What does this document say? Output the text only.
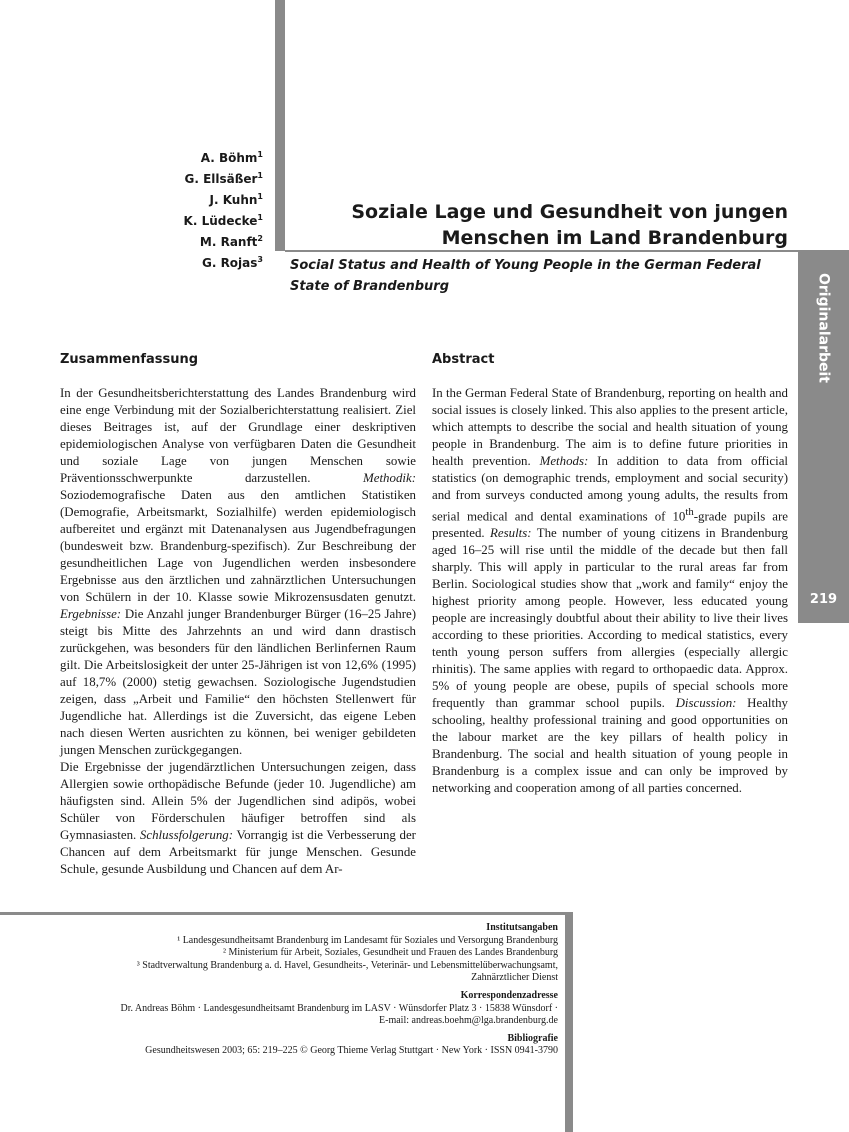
Originalarbeit
219
A. Böhm$^1$
G. Ellsäßer$^1$
J. Kuhn$^1$
K. Lüdecke$^1$
M. Ranft$^2$
G. Rojas$^3$
Soziale Lage und Gesundheit von jungen
Menschen im Land Brandenburg
Social Status and Health of Young People in the German Federal State of Brandenburg
Zusammenfassung

In der Gesundheitsberichterstattung des Landes Brandenburg wird eine enge Verbindung mit der Sozialberichterstattung realisiert. Ziel dieses Beitrages ist, auf der Grundlage einer deskriptiven epidemiologischen Analyse von verfügbaren Daten die Gesundheit und soziale Lage von jungen Menschen sowie Präventionsschwerpunkte darzustellen.	Methodik: Soziodemografische Daten aus den amtlichen Statistiken (Demografie, Arbeitsmarkt, Sozialhilfe) werden epidemiologisch aufbereitet und ergänzt mit Datenanalysen aus Jugendbefragungen (bundesweit bzw. Brandenburg-spezifisch). Zur Beschreibung der gesundheitlichen Lage von Jugendlichen werden insbesondere Ergebnisse aus den ärztlichen und zahnärztlichen Untersuchungen von Schülern in der 10. Klasse sowie Mikrozensusdaten genutzt. Ergebnisse: Die Anzahl junger Brandenburger Bürger (16–25 Jahre) steigt bis Mitte des Jahrzehnts an und wird dann drastisch zurückgehen, was besonders für den ländlichen Berlinfernen Raum gilt. Die Arbeitslosigkeit der unter 25-Jährigen ist von 12,6% (1995) auf 18,7% (2000) stetig gewachsen. Soziologische Jugendstudien zeigen, dass „Arbeit und Familie“ den höchsten Stellenwert für Jugendliche hat. Allerdings ist die Zuversicht, das eigene Leben nach diesen Werten ausrichten zu können, bei weniger gebildeten jungen Menschen zurückgegangen.

Die Ergebnisse der jugendärztlichen Untersuchungen zeigen, dass Allergien sowie orthopädische Befunde (jeder 10. Jugendliche) am häufigsten sind. Allein 5% der Jugendlichen sind adipös, wobei Schüler von Förderschulen häufiger betroffen sind als Gymnasiasten. Schlussfolgerung: Vorrangig ist die Verbesserung der Chancen auf dem Arbeitsmarkt für junge Menschen. Gesunde Schule, gesunde Ausbildung und Chancen auf dem Ar-

Abstract

In the German Federal State of Brandenburg, reporting on health and social issues is closely linked. This also applies to the present article, which attempts to describe the social and health situation of young people in Brandenburg. The aim is to define future priorities in health prevention. Methods: In addition to data from official statistics (on demographic trends, employment and social security) and from surveys conducted among young adults, the results from serial medical and dental examinations of 10th-grade pupils are presented. Results: The number of young citizens in Brandenburg aged 16–25 will rise until the middle of the decade but then fall sharply. This will apply in particular to the rural areas far from Berlin. Sociological studies show that „work and family“ enjoy the highest priority among people. However, less educated young people are increasingly doubtful about their ability to live their lives according to these priorities. According to medical statistics, every tenth young person suffers from allergies (especially allergic rhinitis). The same applies with regard to orthopaedic data. Approx. 5% of young people are obese, pupils of special schools more frequently than grammar school pupils. Discussion: Healthy schooling, healthy professional training and good opportunities on the labour market are the key pillars of health policy in Brandenburg. The social and health situation of young people in Brandenburg is a complex issue and can only be improved by networking and cooperation among of all parties concerned.

Institutsangaben
¹ Landesgesundheitsamt Brandenburg im Landesamt für Soziales und Versorgung Brandenburg
² Ministerium für Arbeit, Soziales, Gesundheit und Frauen des Landes Brandenburg
³ Stadtverwaltung Brandenburg a. d. Havel, Gesundheits-, Veterinär- und Lebensmittelüberwachungsamt,
Zahnärztlicher Dienst
Korrespondenzadresse
Dr. Andreas Böhm · Landesgesundheitsamt Brandenburg im LASV · Wünsdorfer Platz 3 · 15838 Wünsdorf ·
E-mail: andreas.boehm@lga.brandenburg.de
Bibliografie
Gesundheitswesen 2003; 65: 219–225 © Georg Thieme Verlag Stuttgart · New York · ISSN 0941-3790
